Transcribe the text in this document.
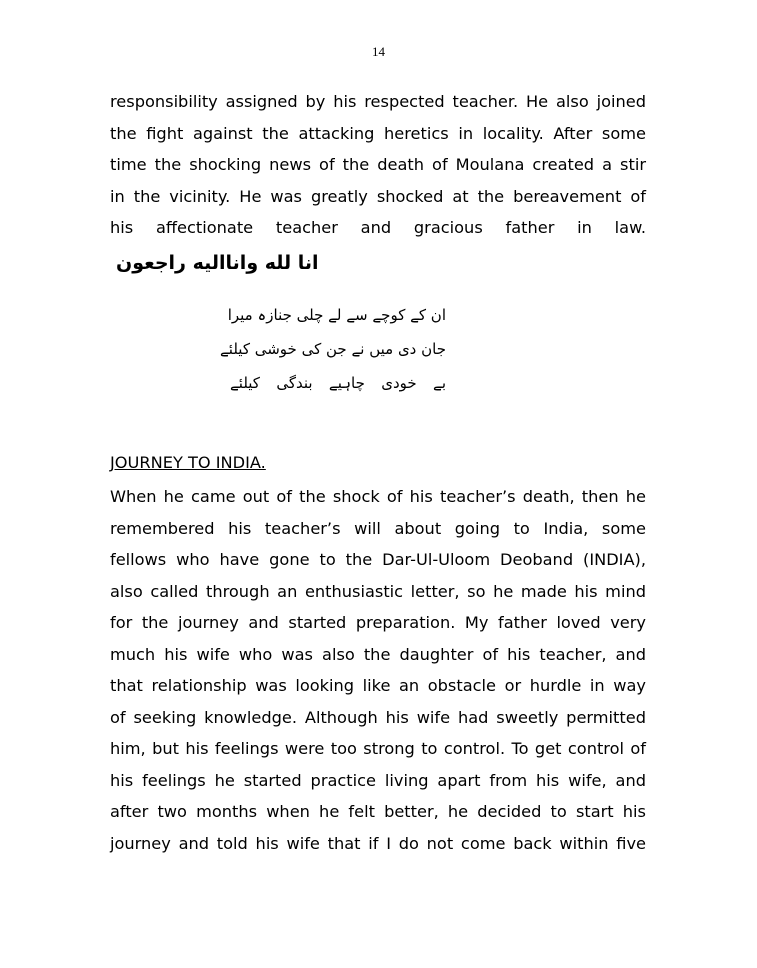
14
responsibility assigned by his respected teacher. He also joined
the fight against the attacking heretics in locality. After some
time the shocking news of the death of Moulana created a stir
in the vicinity. He was greatly shocked at the bereavement of
his affectionate teacher and gracious father in law.
انا لله وانااليه راجعون
ان کے کوچے سے لے چلی جنازہ میرا
جان دی میں نے جن کی خوشی کیلئے
بے خودی چاہیے بندگی کیلئے
JOURNEY TO INDIA.
When he came out of the shock of his teacher’s death, then he
remembered his teacher’s will about going to India, some
fellows who have gone to the Dar-Ul-Uloom Deoband (INDIA),
also called through an enthusiastic letter, so he made his mind
for the journey and started preparation. My father loved very
much his wife who was also the daughter of his teacher, and
that relationship was looking like an obstacle or hurdle in way
of seeking knowledge. Although his wife had sweetly permitted
him, but his feelings were too strong to control. To get control of
his feelings he started practice living apart from his wife, and
after two months when he felt better, he decided to start his
journey and told his wife that if I do not come back within five
